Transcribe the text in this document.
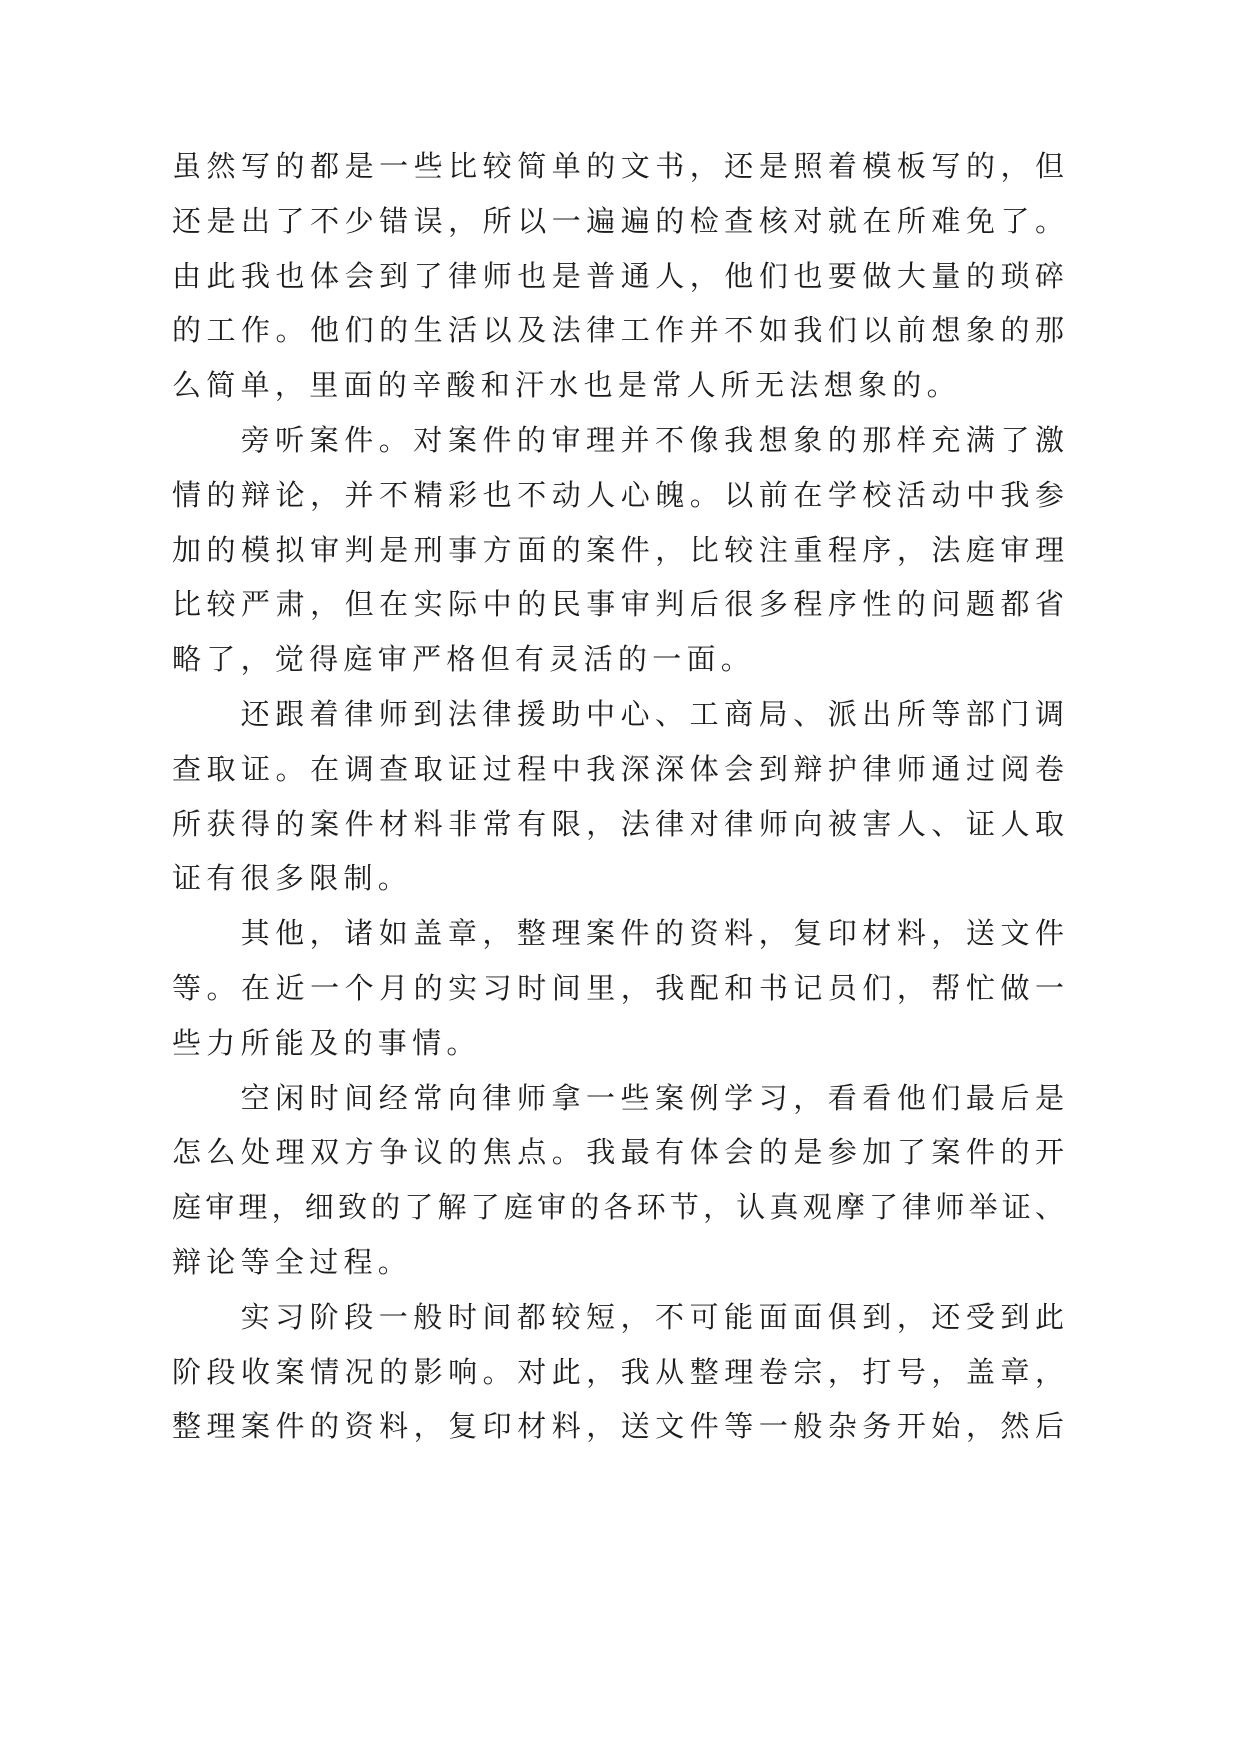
虽然写的都是一些比较简单的文书，还是照着模板写的，但
还是出了不少错误，所以一遍遍的检查核对就在所难免了。
由此我也体会到了律师也是普通人，他们也要做大量的琐碎
的工作。他们的生活以及法律工作并不如我们以前想象的那
么简单，里面的辛酸和汗水也是常人所无法想象的。
旁听案件。对案件的审理并不像我想象的那样充满了激
情的辩论，并不精彩也不动人心魄。以前在学校活动中我参
加的模拟审判是刑事方面的案件，比较注重程序，法庭审理
比较严肃，但在实际中的民事审判后很多程序性的问题都省
略了，觉得庭审严格但有灵活的一面。
还跟着律师到法律援助中心、工商局、派出所等部门调
查取证。在调查取证过程中我深深体会到辩护律师通过阅卷
所获得的案件材料非常有限，法律对律师向被害人、证人取
证有很多限制。
其他，诸如盖章，整理案件的资料，复印材料，送文件
等。在近一个月的实习时间里，我配和书记员们，帮忙做一
些力所能及的事情。
空闲时间经常向律师拿一些案例学习，看看他们最后是
怎么处理双方争议的焦点。我最有体会的是参加了案件的开
庭审理，细致的了解了庭审的各环节，认真观摩了律师举证、
辩论等全过程。
实习阶段一般时间都较短，不可能面面俱到，还受到此
阶段收案情况的影响。对此，我从整理卷宗，打号，盖章，
整理案件的资料，复印材料，送文件等一般杂务开始，然后
